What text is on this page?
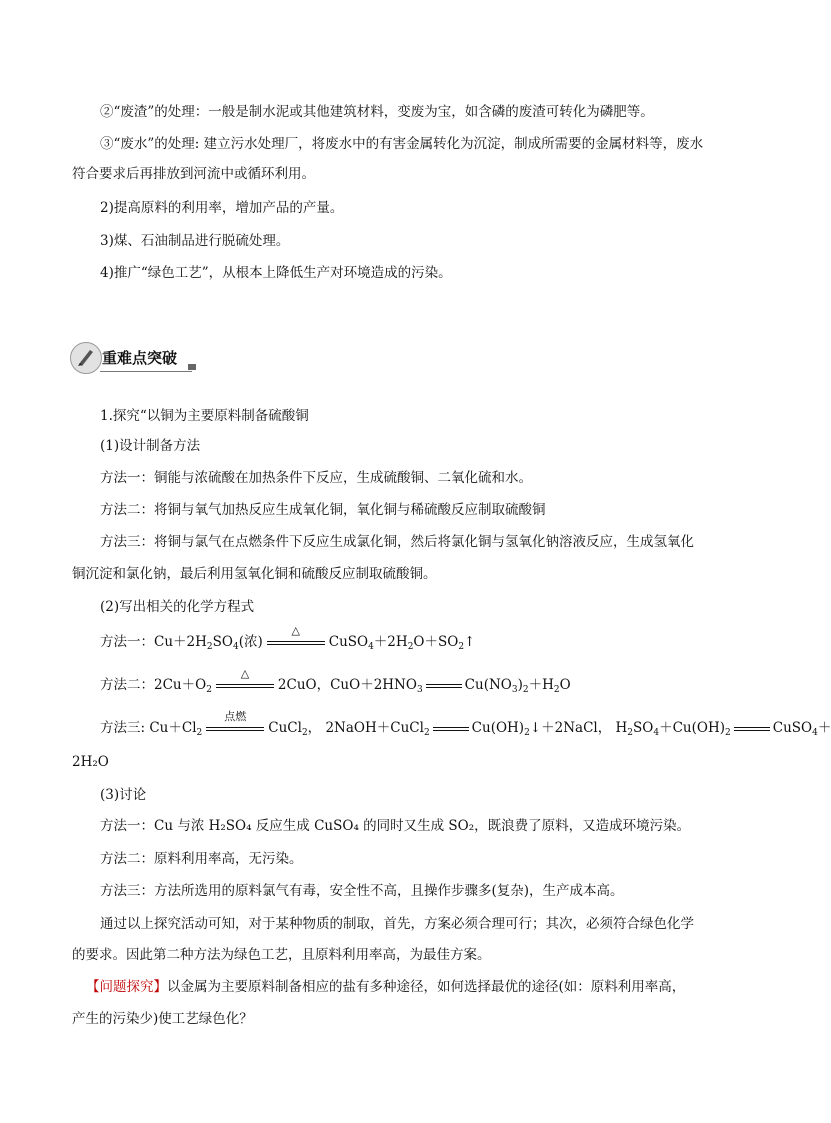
②“废渣”的处理：一般是制水泥或其他建筑材料，变废为宝，如含磷的废渣可转化为磷肥等。
③“废水”的处理: 建立污水处理厂，将废水中的有害金属转化为沉淀，制成所需要的金属材料等，废水
符合要求后再排放到河流中或循环利用。
2)提高原料的利用率，增加产品的产量。
3)煤、石油制品进行脱硫处理。
4)推广“绿色工艺”，从根本上降低生产对环境造成的污染。
重难点突破
1.探究“以铜为主要原料制备硫酸铜
(1)设计制备方法
方法一：铜能与浓硫酸在加热条件下反应，生成硫酸铜、二氧化硫和水。
方法二：将铜与氧气加热反应生成氧化铜，氧化铜与稀硫酸反应制取硫酸铜
方法三：将铜与氯气在点燃条件下反应生成氯化铜，然后将氯化铜与氢氧化钠溶液反应，生成氢氧化
铜沉淀和氯化钠，最后利用氢氧化铜和硫酸反应制取硫酸铜。
(2)写出相关的化学方程式
方法一：$Cu+2H_2SO_4$(浓)
△
$CuSO_4+2H_2O+SO_2↑$
方法二：$2Cu+O_2$
△
2CuO，$CuO+2HNO_3$	$Cu(NO_3)_2+H_2O$
方法三: $Cu+Cl_2$
点燃
CuCl$_2$， 2NaOH＋CuCl$_2$	$Cu(OH)_2↓+2NaCl$， $H_2SO_4+Cu(OH)_2$	CuSO$_4$＋
2H₂O
(3)讨论
方法一：Cu 与浓 H₂SO₄ 反应生成 CuSO₄ 的同时又生成 SO₂，既浪费了原料，又造成环境污染。
方法二：原料利用率高，无污染。
方法三：方法所选用的原料氯气有毒，安全性不高，且操作步骤多(复杂)，生产成本高。
通过以上探究活动可知，对于某种物质的制取，首先，方案必须合理可行；其次，必须符合绿色化学
的要求。因此第二种方法为绿色工艺，且原料利用率高，为最佳方案。
【问题探究】以金属为主要原料制备相应的盐有多种途径，如何选择最优的途径(如：原料利用率高，
产生的污染少)使工艺绿色化？
